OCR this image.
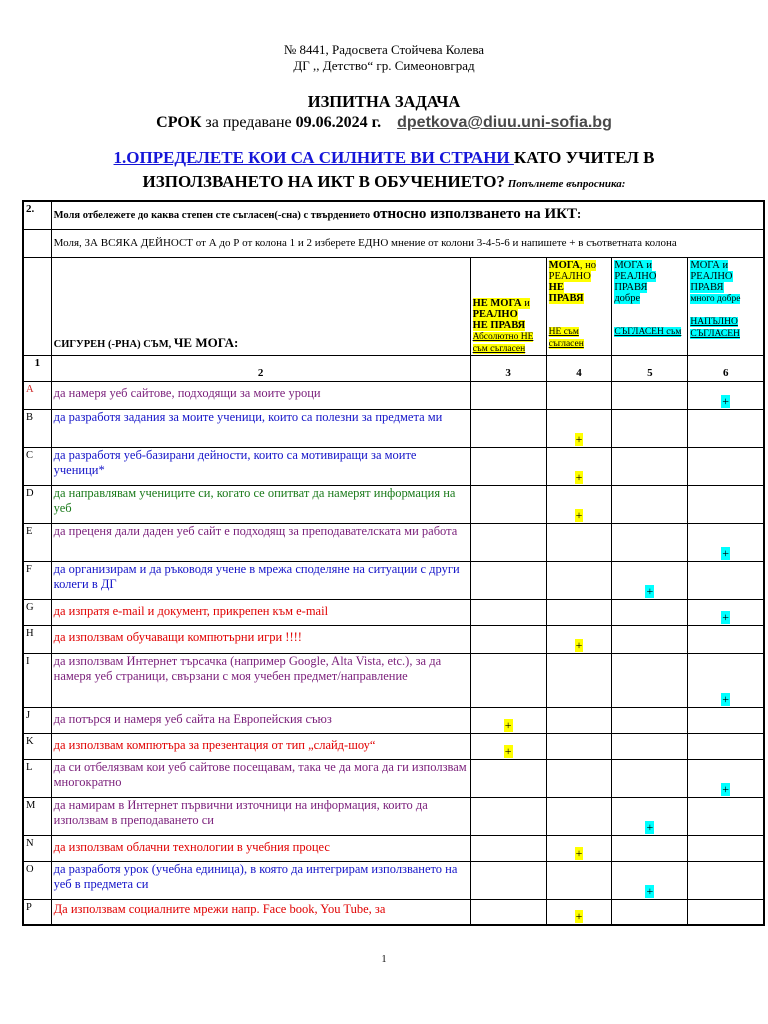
№ 8441, Радосвета Стойчева Колева
ДГ ,, Детство“ гр. Симеоновград
ИЗПИТНА ЗАДАЧА
СРОК за предаване 09.06.2024 г. dpetkova@diuu.uni-sofia.bg
1.ОПРЕДЕЛЕТЕ КОИ СА СИЛНИТЕ ВИ СТРАНИ КАТО УЧИТЕЛ В
ИЗПОЛЗВАНЕТО НА ИКТ В ОБУЧЕНИЕТО? Попълнете въпросника:
2.	Моля отбележете до каква степен сте съгласен(-сна) с твърдението относно използването на ИКТ:				
	Моля, ЗА ВСЯКА ДЕЙНОСТ от А до Р от колона 1 и 2 изберете ЕДНО мнение от колони 3-4-5-6 и напишете + в съответната колона				
	СИГУРЕН (-РНА) СЪМ, ЧЕ МОГА:	НЕ МОГА и
РЕАЛНО
НЕ ПРАВЯ
Абсолютно НЕ съм съгласен	МОГА, но
РЕАЛНО
НЕ
ПРАВЯ

НЕ съм съгласен	МОГА и
РЕАЛНО
ПРАВЯ
добре

СЪГЛАСЕН съм	МОГА и
РЕАЛНО
ПРАВЯ
много добре

НАПЪЛНО СЪГЛАСЕН
1	2	3	4	5	6
A	да намеря уеб сайтове, подходящи за моите уроци				+
B	да разработя задания за моите ученици, които са полезни за предмета ми		+		
C	да разработя уеб-базирани дейности, които са мотивиращи за моите ученици*		+		
D	да направлявам учениците си, когато се опитват да намерят информация на уеб		+		
E	да преценя дали даден уеб сайт е подходящ за преподавателската ми работа				+
F	да организирам и да ръководя учене в мрежа споделяне на ситуации с други колеги в ДГ			+	
G	да изпратя e-mail и документ, прикрепен към e-mail				+
H	да използвам обучаващи компютърни игри !!!!		+		
I	да използвам Интернет търсачка (например Google, Alta Vista, etc.), за да намеря уеб страници, свързани с моя учебен предмет/направление				+
J	да потърся и намеря уеб сайта на Европейския съюз	+			
K	да използвам компютъра за презентация от тип „слайд-шоу“	+			
L	да си отбелязвам кои уеб сайтове посещавам, така че да мога да ги използвам многократно				+
M	да намирам в Интернет първични източници на информация, които да използвам в преподаването си			+	
N	да използвам облачни технологии в учебния процес		+		
O	да разработя урок (учебна единица), в която да интегрирам използването на уеб в предмета си			+	
P	Да използвам социалните мрежи напр. Face book, You Tube, за		+		
1
